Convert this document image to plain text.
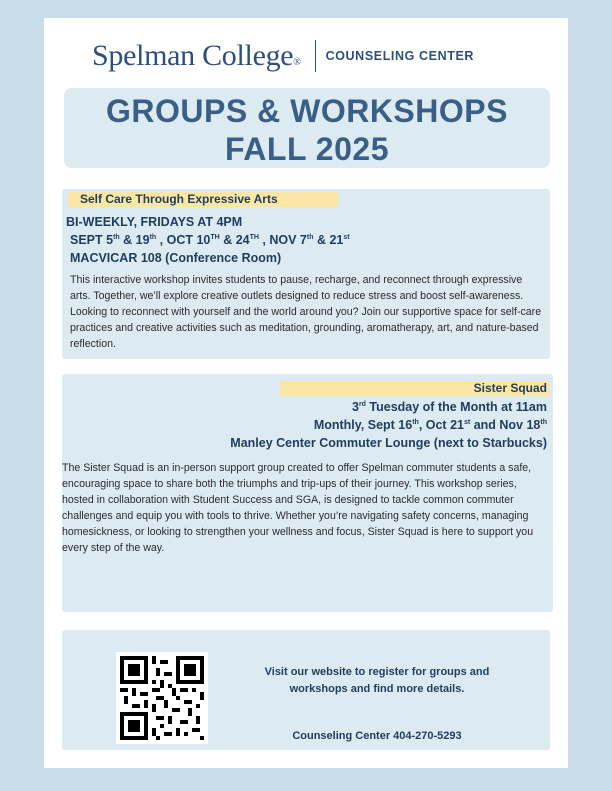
Spelman College® COUNSELING CENTER
GROUPS & WORKSHOPS
FALL 2025
Self Care Through Expressive Arts
BI-WEEKLY, FRIDAYS AT 4PM
SEPT 5th & 19th , OCT 10TH & 24TH , NOV 7th & 21st
MACVICAR 108 (Conference Room)
This interactive workshop invites students to pause, recharge, and reconnect through expressive arts. Together, we’ll explore creative outlets designed to reduce stress and boost self-awareness. Looking to reconnect with yourself and the world around you? Join our supportive space for self-care practices and creative activities such as meditation, grounding, aromatherapy, art, and nature-based reflection.
Sister Squad
3rd Tuesday of the Month at 11am
Monthly, Sept 16th, Oct 21st and Nov 18th
Manley Center Commuter Lounge (next to Starbucks)
The Sister Squad is an in-person support group created to offer Spelman commuter students a safe, encouraging space to share both the triumphs and trip-ups of their journey. This workshop series, hosted in collaboration with Student Success and SGA, is designed to tackle common commuter challenges and equip you with tools to thrive. Whether you’re navigating safety concerns, managing homesickness, or looking to strengthen your wellness and focus, Sister Squad is here to support you every step of the way.
Visit our website to register for groups and workshops and find more details.
Counseling Center 404-270-5293
